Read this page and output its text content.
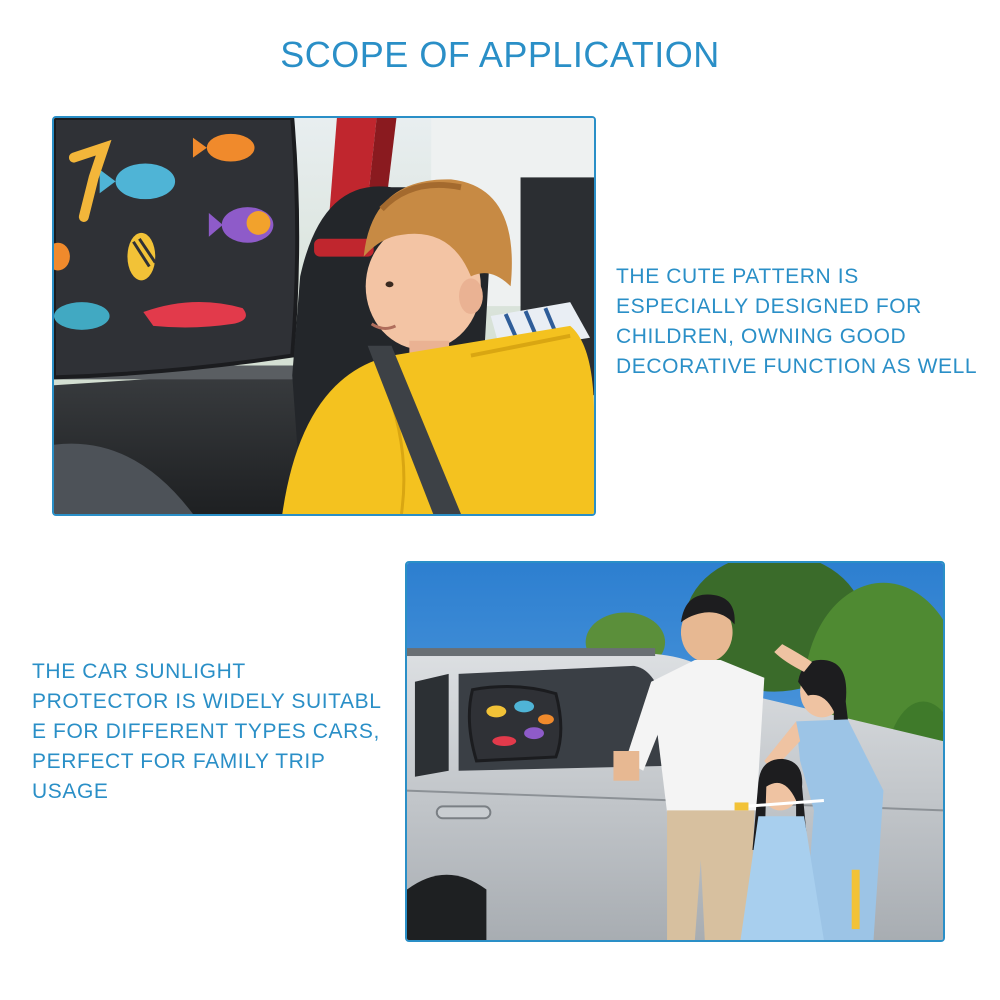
SCOPE OF APPLICATION
THE CUTE PATTERN IS
ESPECIALLY DESIGNED FOR
CHILDREN, OWNING GOOD
DECORATIVE FUNCTION AS WELL
THE CAR SUNLIGHT
PROTECTOR IS WIDELY SUITABL
E FOR DIFFERENT TYPES CARS,
PERFECT FOR FAMILY TRIP
USAGE
